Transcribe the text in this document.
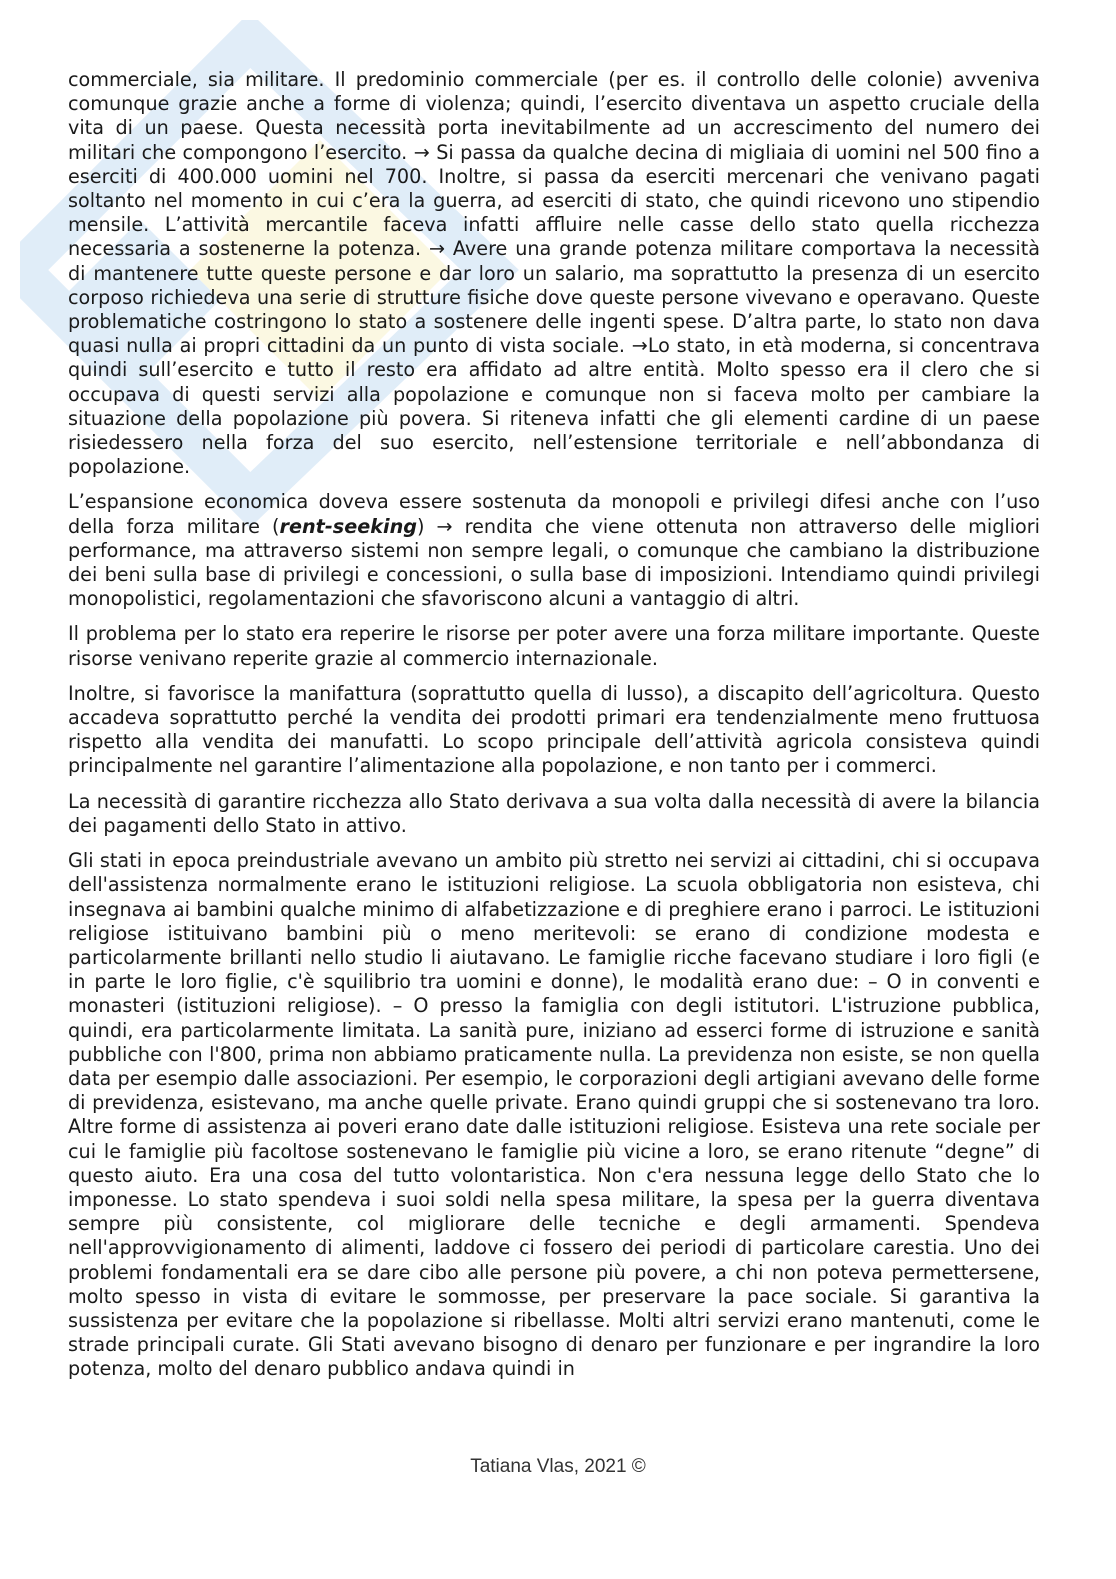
commerciale, sia militare. Il predominio commerciale (per es. il controllo delle colonie) avveniva comunque grazie anche a forme di violenza; quindi, l’esercito diventava un aspetto cruciale della vita di un paese. Questa necessità porta inevitabilmente ad un accrescimento del numero dei militari che compongono l’esercito. → Si passa da qualche decina di migliaia di uomini nel 500 fino a eserciti di 400.000 uomini nel 700. Inoltre, si passa da eserciti mercenari che venivano pagati soltanto nel momento in cui c’era la guerra, ad eserciti di stato, che quindi ricevono uno stipendio mensile. L’attività mercantile faceva infatti affluire nelle casse dello stato quella ricchezza necessaria a sostenerne la potenza. → Avere una grande potenza militare comportava la necessità di mantenere tutte queste persone e dar loro un salario, ma soprattutto la presenza di un esercito corposo richiedeva una serie di strutture fisiche dove queste persone vivevano e operavano. Queste problematiche costringono lo stato a sostenere delle ingenti spese. D’altra parte, lo stato non dava quasi nulla ai propri cittadini da un punto di vista sociale. →Lo stato, in età moderna, si concentrava quindi sull’esercito e tutto il resto era affidato ad altre entità. Molto spesso era il clero che si occupava di questi servizi alla popolazione e comunque non si faceva molto per cambiare la situazione della popolazione più povera. Si riteneva infatti che gli elementi cardine di un paese risiedessero nella forza del suo esercito, nell’estensione territoriale e nell’abbondanza di popolazione.

L’espansione economica doveva essere sostenuta da monopoli e privilegi difesi anche con l’uso della forza militare (rent-seeking) → rendita che viene ottenuta non attraverso delle migliori performance, ma attraverso sistemi non sempre legali, o comunque che cambiano la distribuzione dei beni sulla base di privilegi e concessioni, o sulla base di imposizioni. Intendiamo quindi privilegi monopolistici, regolamentazioni che sfavoriscono alcuni a vantaggio di altri.

Il problema per lo stato era reperire le risorse per poter avere una forza militare importante. Queste risorse venivano reperite grazie al commercio internazionale.

Inoltre, si favorisce la manifattura (soprattutto quella di lusso), a discapito dell’agricoltura. Questo accadeva soprattutto perché la vendita dei prodotti primari era tendenzialmente meno fruttuosa rispetto alla vendita dei manufatti. Lo scopo principale dell’attività agricola consisteva quindi principalmente nel garantire l’alimentazione alla popolazione, e non tanto per i commerci.

La necessità di garantire ricchezza allo Stato derivava a sua volta dalla necessità di avere la bilancia dei pagamenti dello Stato in attivo.

Gli stati in epoca preindustriale avevano un ambito più stretto nei servizi ai cittadini, chi si occupava dell'assistenza normalmente erano le istituzioni religiose. La scuola obbligatoria non esisteva, chi insegnava ai bambini qualche minimo di alfabetizzazione e di preghiere erano i parroci. Le istituzioni religiose istituivano bambini più o meno meritevoli: se erano di condizione modesta e particolarmente brillanti nello studio li aiutavano. Le famiglie ricche facevano studiare i loro figli (e in parte le loro figlie, c'è squilibrio tra uomini e donne), le modalità erano due: – O in conventi e monasteri (istituzioni religiose). – O presso la famiglia con degli istitutori. L'istruzione pubblica, quindi, era particolarmente limitata. La sanità pure, iniziano ad esserci forme di istruzione e sanità pubbliche con l'800, prima non abbiamo praticamente nulla. La previdenza non esiste, se non quella data per esempio dalle associazioni. Per esempio, le corporazioni degli artigiani avevano delle forme di previdenza, esistevano, ma anche quelle private. Erano quindi gruppi che si sostenevano tra loro. Altre forme di assistenza ai poveri erano date dalle istituzioni religiose. Esisteva una rete sociale per cui le famiglie più facoltose sostenevano le famiglie più vicine a loro, se erano ritenute “degne” di questo aiuto. Era una cosa del tutto volontaristica. Non c'era nessuna legge dello Stato che lo imponesse. Lo stato spendeva i suoi soldi nella spesa militare, la spesa per la guerra diventava sempre più consistente, col migliorare delle tecniche e degli armamenti. Spendeva nell'approvvigionamento di alimenti, laddove ci fossero dei periodi di particolare carestia. Uno dei problemi fondamentali era se dare cibo alle persone più povere, a chi non poteva permettersene, molto spesso in vista di evitare le sommosse, per preservare la pace sociale. Si garantiva la sussistenza per evitare che la popolazione si ribellasse. Molti altri servizi erano mantenuti, come le strade principali curate. Gli Stati avevano bisogno di denaro per funzionare e per ingrandire la loro potenza, molto del denaro pubblico andava quindi in

Tatiana Vlas, 2021 ©
